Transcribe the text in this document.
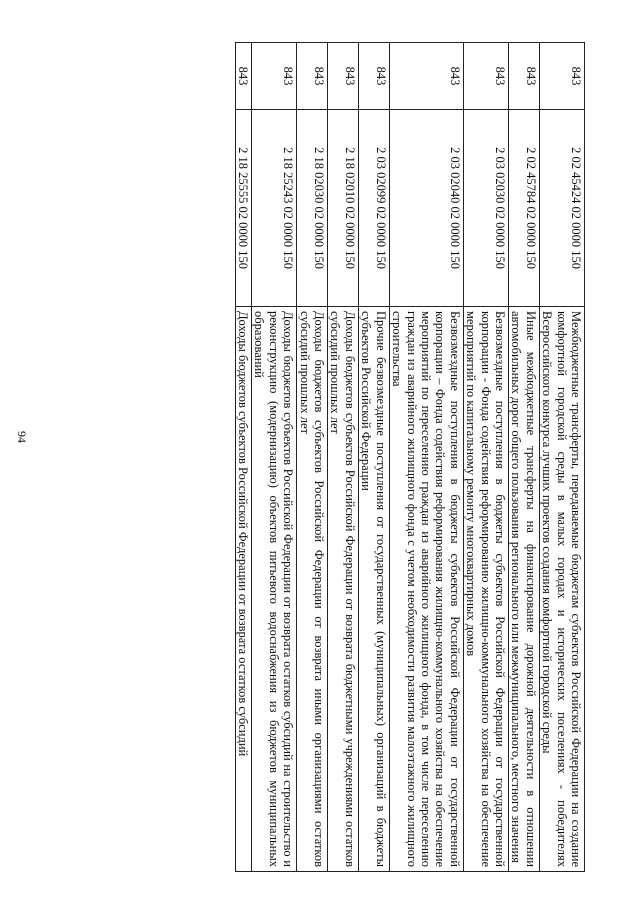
94
843	2 02 45424 02 0000 150	Межбюджетные трансферты, передаваемые бюджетам субъектов Российской Федерации на создание комфортной городской среды в малых городах и исторических поселениях - победителях Всероссийского конкурса лучших проектов создания комфортной городской среды
843	2 02 45784 02 0000 150	Иные межбюджетные трансферты на финансирование дорожной деятельности в отношении автомобильных дорог общего пользования регионального или межмуниципального, местного значения
843	2 03 02030 02 0000 150	Безвозмездные поступления в бюджеты субъектов Российской Федерации от государственной корпорации - Фонда содействия реформированию жилищно-коммунального хозяйства на обеспечение мероприятий по капитальному ремонту многоквартирных домов
843	2 03 02040 02 0000 150	Безвозмездные поступления в бюджеты субъектов Российской Федерации от государственной корпорации – Фонда содействия реформирования жилищно-коммунального хозяйства на обеспечение мероприятий по переселению граждан из аварийного жилищного фонда, в том числе переселению граждан из аварийного жилищного фонда с учетом необходимости развития малоэтажного жилищного строительства
843	2 03 02099 02 0000 150	Прочие безвозмездные поступления от государственных (муниципальных) организаций в бюджеты субъектов Российской Федерации
843	2 18 02010 02 0000 150	Доходы бюджетов субъектов Российской Федерации от возврата бюджетными учреждениями остатков субсидий прошлых лет
843	2 18 02030 02 0000 150	Доходы бюджетов субъектов Российской Федерации от возврата иными организациями остатков субсидий прошлых лет
843	2 18 25243 02 0000 150	Доходы бюджетов субъектов Российской Федерации от возврата остатков субсидий на строительство и реконструкцию (модернизацию) объектов питьевого водоснабжения из бюджетов муниципальных образований
843	2 18 25555 02 0000 150	Доходы бюджетов субъектов Российской Федерации от возврата остатков субсидий
